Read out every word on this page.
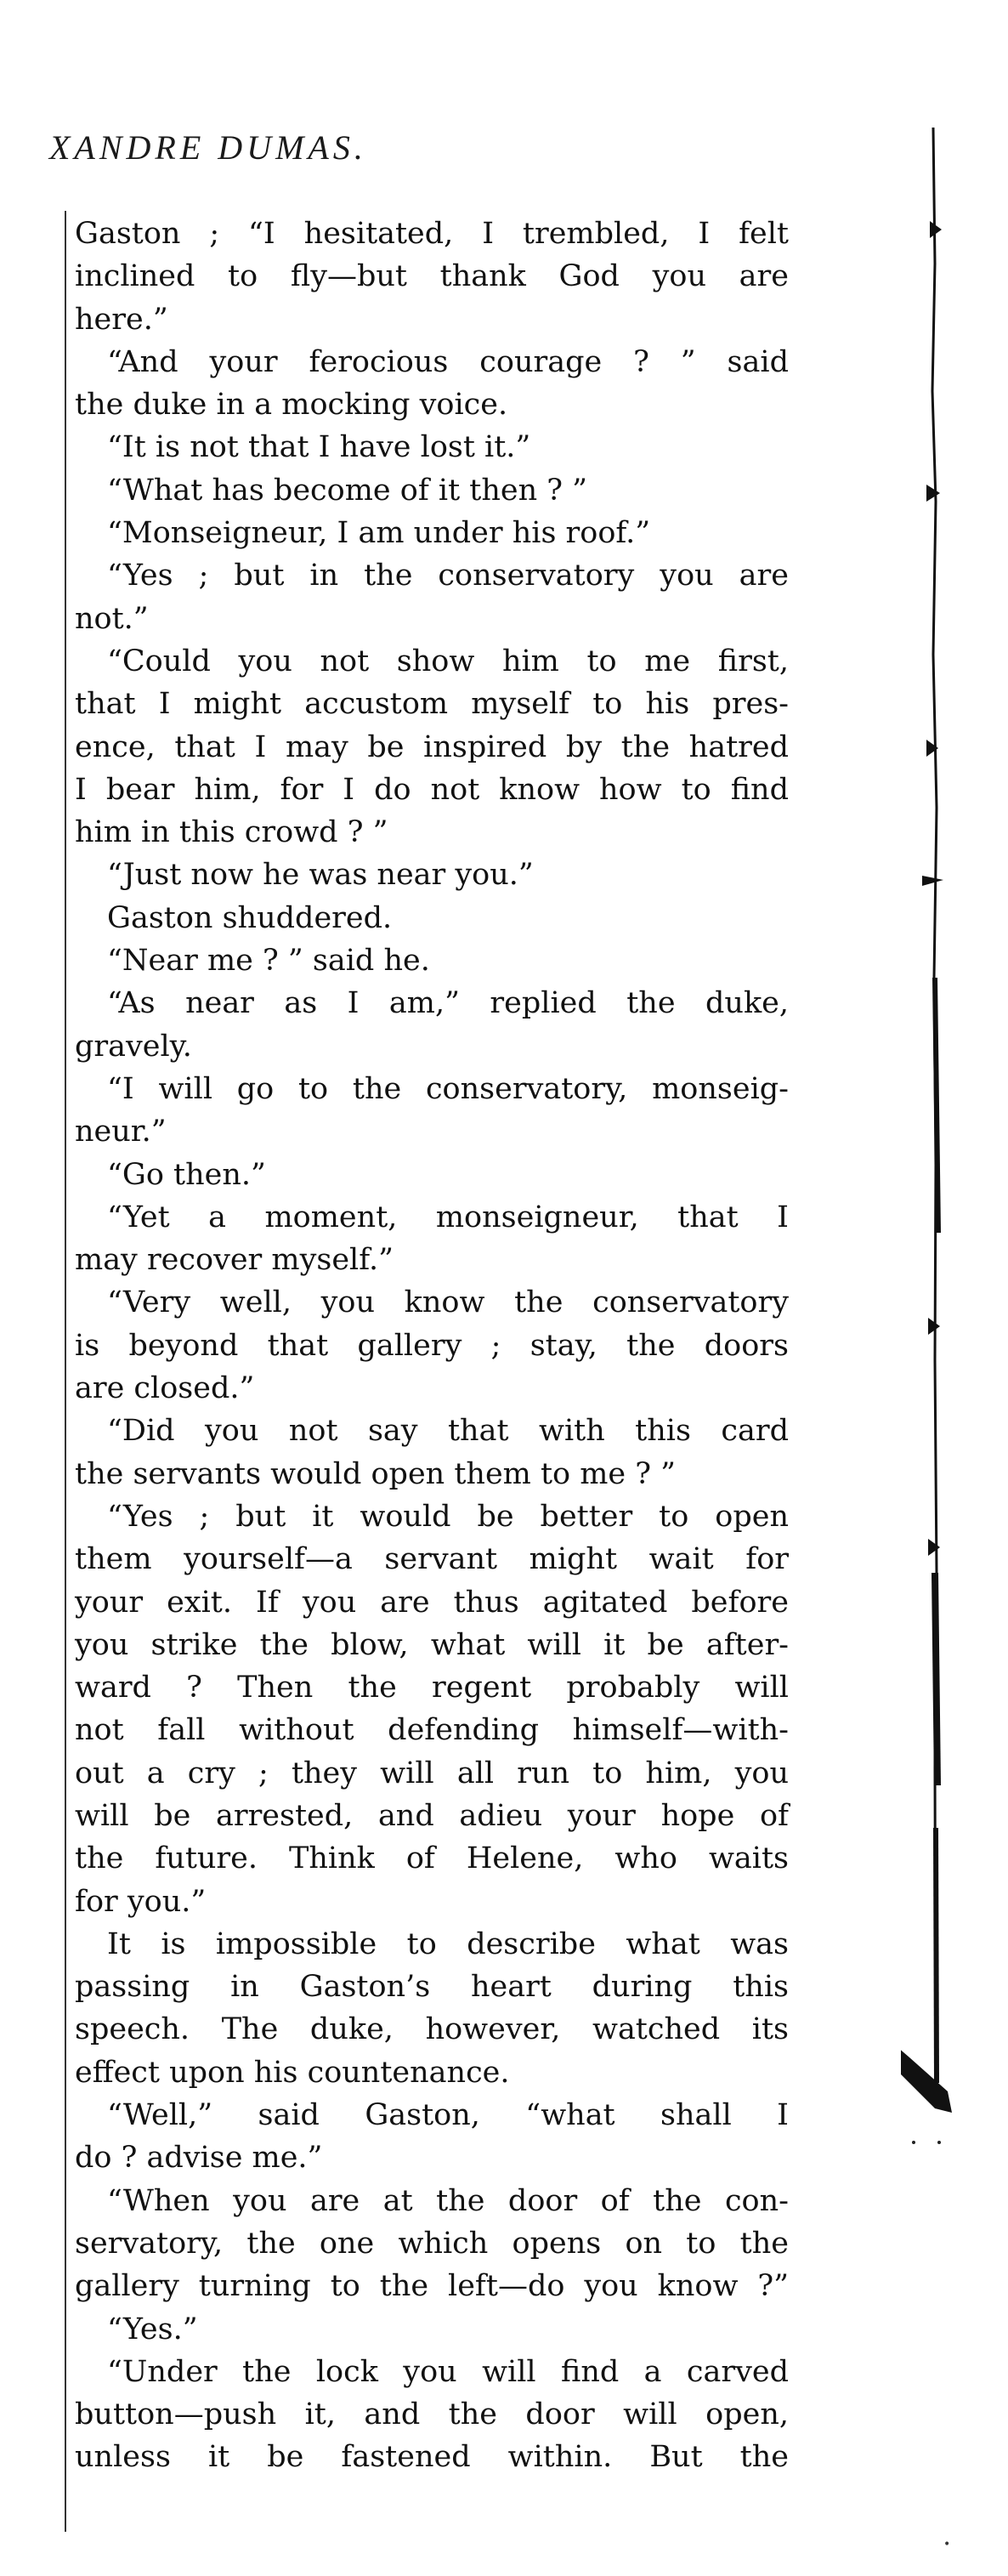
XANDRE DUMAS.
Gaston ; “I hesitated, I trembled, I felt
inclined to fly—but thank God you are
here.”
“And your ferocious courage ? ” said
the duke in a mocking voice.
“It is not that I have lost it.”
“What has become of it then ? ”
“Monseigneur, I am under his roof.”
“Yes ; but in the conservatory you are
not.”
“Could you not show him to me first,
that I might accustom myself to his pres-
ence, that I may be inspired by the hatred
I bear him, for I do not know how to find
him in this crowd ? ”
“Just now he was near you.”
Gaston shuddered.
“Near me ? ” said he.
“As near as I am,” replied the duke,
gravely.
“I will go to the conservatory, monseig-
neur.”
“Go then.”
“Yet a moment, monseigneur, that I
may recover myself.”
“Very well, you know the conservatory
is beyond that gallery ; stay, the doors
are closed.”
“Did you not say that with this card
the servants would open them to me ? ”
“Yes ; but it would be better to open
them yourself—a servant might wait for
your exit. If you are thus agitated before
you strike the blow, what will it be after-
ward ? Then the regent probably will
not fall without defending himself—with-
out a cry ; they will all run to him, you
will be arrested, and adieu your hope of
the future. Think of Helene, who waits
for you.”
It is impossible to describe what was
passing in Gaston’s heart during this
speech. The duke, however, watched its
effect upon his countenance.
“Well,” said Gaston, “what shall I
do ? advise me.”
“When you are at the door of the con-
servatory, the one which opens on to the
gallery turning to the left—do you know ?”
“Yes.”
“Under the lock you will find a carved
button—push it, and the door will open,
unless it be fastened within. But the
•
